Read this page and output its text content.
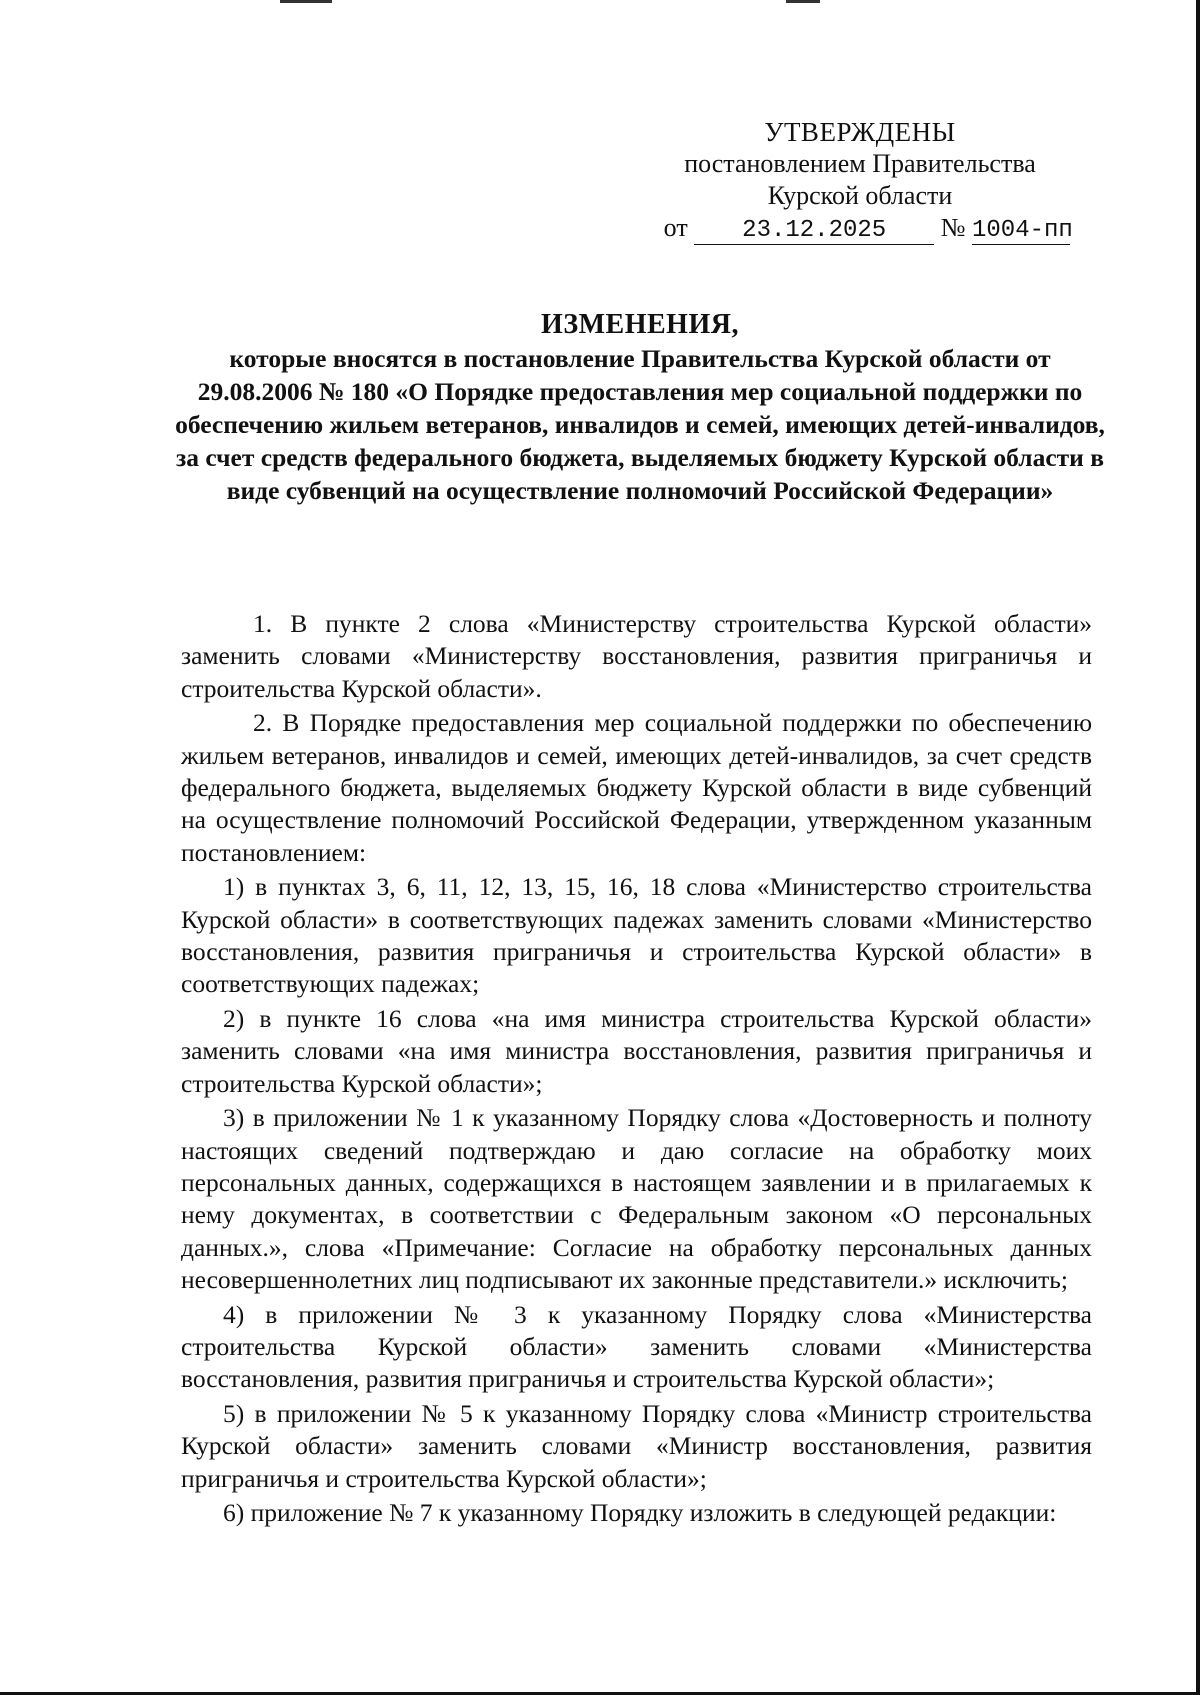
УТВЕРЖДЕНЫ
постановлением Правительства
Курской области
от 23.12.2025 № 1004-пп
ИЗМЕНЕНИЯ,
которые вносятся в постановление Правительства Курской области от 29.08.2006 № 180 «О Порядке предоставления мер социальной поддержки по обеспечению жильем ветеранов, инвалидов и семей, имеющих детей-инвалидов, за счет средств федерального бюджета, выделяемых бюджету Курской области в виде субвенций на осуществление полномочий Российской Федерации»

1. В пункте 2 слова «Министерству строительства Курской области» заменить словами «Министерству восстановления, развития приграничья и строительства Курской области».

2. В Порядке предоставления мер социальной поддержки по обеспечению жильем ветеранов, инвалидов и семей, имеющих детей-инвалидов, за счет средств федерального бюджета, выделяемых бюджету Курской области в виде субвенций на осуществление полномочий Российской Федерации, утвержденном указанным постановлением:

1) в пунктах 3, 6, 11, 12, 13, 15, 16, 18 слова «Министерство строительства Курской области» в соответствующих падежах заменить словами «Министерство восстановления, развития приграничья и строительства Курской области» в соответствующих падежах;

2) в пункте 16 слова «на имя министра строительства Курской области» заменить словами «на имя министра восстановления, развития приграничья и строительства Курской области»;

3) в приложении № 1 к указанному Порядку слова «Достоверность и полноту настоящих сведений подтверждаю и даю согласие на обработку моих персональных данных, содержащихся в настоящем заявлении и в прилагаемых к нему документах, в соответствии с Федеральным законом «О персональных данных.», слова «Примечание: Согласие на обработку персональных данных несовершеннолетних лиц подписывают их законные представители.» исключить;

4) в приложении № 3 к указанному Порядку слова «Министерства строительства Курской области» заменить словами «Министерства восстановления, развития приграничья и строительства Курской области»;

5) в приложении № 5 к указанному Порядку слова «Министр строительства Курской области» заменить словами «Министр восстановления, развития приграничья и строительства Курской области»;

6) приложение № 7 к указанному Порядку изложить в следующей редакции:
